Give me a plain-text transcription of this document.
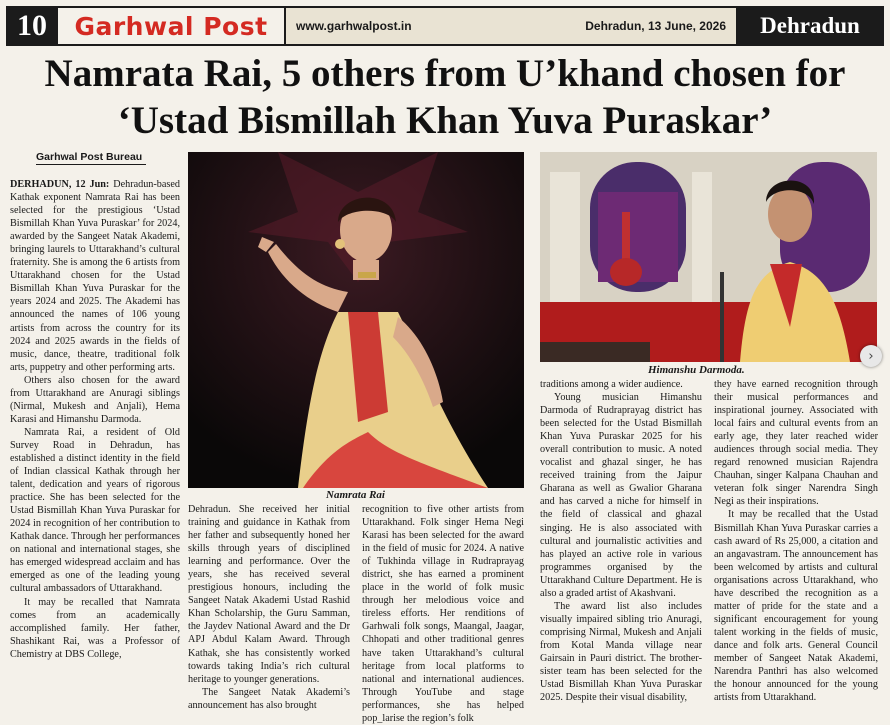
10	Garhwal Post www.garhwalpost.in	Dehradun, 13 June, 2026	Dehradun
Namrata Rai, 5 others from U’khand chosen for ‘Ustad Bismillah Khan Yuva Puraskar’
Garhwal Post Bureau

DERHADUN, 12 Jun: Dehradun-based Kathak exponent Namrata Rai has been selected for the prestigious ‘Ustad Bismillah Khan Yuva Puraskar’ for 2024, awarded by the Sangeet Natak Akademi, bringing laurels to Uttarakhand’s cultural fraternity. She is among the 6 artists from Uttarakhand chosen for the Ustad Bismillah Khan Yuva Puraskar for the years 2024 and 2025. The Akademi has announced the names of 106 young artists from across the country for its 2024 and 2025 awards in the fields of music, dance, theatre, traditional folk arts, puppetry and other performing arts.

Others also chosen for the award from Uttarakhand are Anuragi siblings (Nirmal, Mukesh and Anjali), Hema Karasi and Himanshu Darmoda.

Namrata Rai, a resident of Old Survey Road in Dehradun, has established a distinct identity in the field of Indian classical Kathak through her talent, dedication and years of rigorous practice. She has been selected for the Ustad Bismillah Khan Yuva Puraskar for 2024 in recognition of her contribution to Kathak dance. Through her performances on national and international stages, she has emerged widespread acclaim and has emerged as one of the leading young cultural ambassadors of Uttarakhand.

It may be recalled that Namrata comes from an academically accomplished family. Her father, Shashikant Rai, was a Professor of Chemistry at DBS College,

Namrata Rai

Dehradun. She received her initial training and guidance in Kathak from her father and subsequently honed her skills through years of disciplined learning and performance. Over the years, she has received several prestigious honours, including the Sangeet Natak Akademi Ustad Rashid Khan Scholarship, the Guru Samman, the Jaydev National Award and the Dr APJ Abdul Kalam Award. Through Kathak, she has consistently worked towards taking India’s rich cultural heritage to younger generations.

The Sangeet Natak Akademi’s announcement has also brought

recognition to five other artists from Uttarakhand. Folk singer Hema Negi Karasi has been selected for the award in the field of music for 2024. A native of Tukhinda village in Rudraprayag district, she has earned a prominent place in the world of folk music through her melodious voice and tireless efforts. Her renditions of Garhwali folk songs, Maangal, Jaagar, Chhopati and other traditional genres have taken Uttarakhand’s cultural heritage from local platforms to national and international audiences. Through YouTube and stage performances, she has helped pop_larise the region’s folk

Himanshu Darmoda.

traditions among a wider audience.

Young musician Himanshu Darmoda of Rudraprayag district has been selected for the Ustad Bismillah Khan Yuva Puraskar 2025 for his overall contribution to music. A noted vocalist and ghazal singer, he has received training from the Jaipur Gharana as well as Gwalior Gharana and has carved a niche for himself in the field of classical and ghazal singing. He is also associated with cultural and journalistic activities and has played an active role in various programmes organised by the Uttarakhand Culture Department. He is also a graded artist of Akashvani.

The award list also includes visually impaired sibling trio Anuragi, comprising Nirmal, Mukesh and Anjali from Kotal Manda village near Gairsain in Pauri district. The brother-sister team has been selected for the Ustad Bismillah Khan Yuva Puraskar 2025. Despite their visual disability,

they have earned recognition through their musical performances and inspirational journey. Associated with local fairs and cultural events from an early age, they later reached wider audiences through social media. They regard renowned musician Rajendra Chauhan, singer Kalpana Chauhan and veteran folk singer Narendra Singh Negi as their inspirations.

It may be recalled that the Ustad Bismillah Khan Yuva Puraskar carries a cash award of Rs 25,000, a citation and an angavastram. The announcement has been welcomed by artists and cultural organisations across Uttarakhand, who have described the recognition as a matter of pride for the state and a significant encouragement for young talent working in the fields of music, dance and folk arts. General Council member of Sangeet Natak Akademi, Narendra Panthri has also welcomed the honour announced for the young artists from Uttarakhand.

›
